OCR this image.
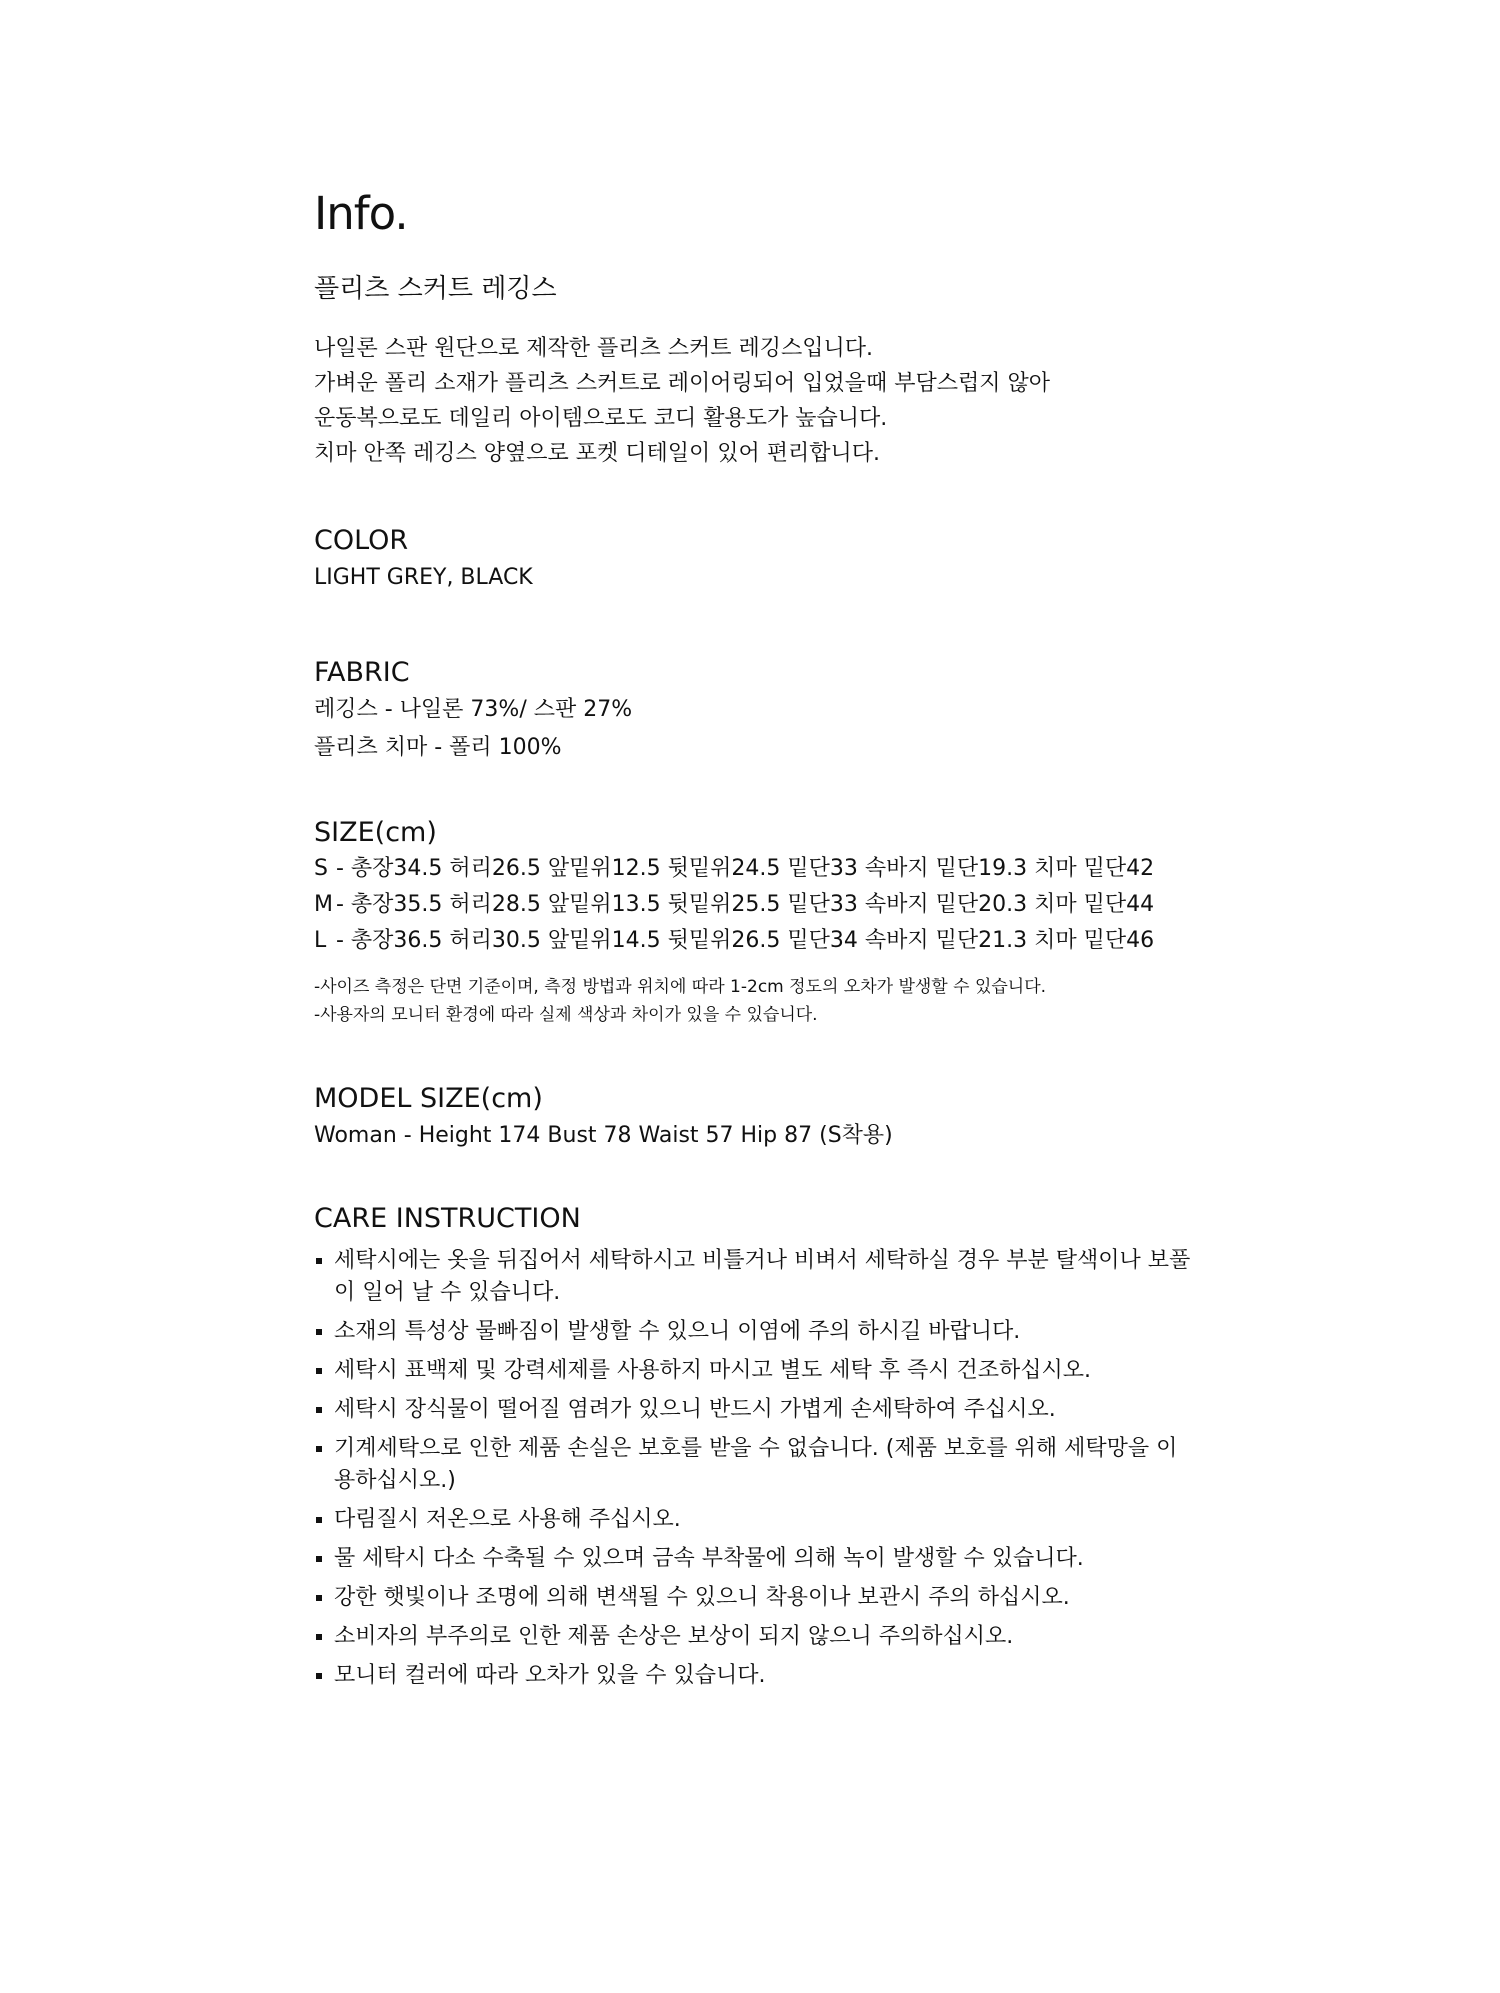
Info.
플리츠 스커트 레깅스
나일론 스판 원단으로 제작한 플리츠 스커트 레깅스입니다.
가벼운 폴리 소재가 플리츠 스커트로 레이어링되어 입었을때 부담스럽지 않아
운동복으로도 데일리 아이템으로도 코디 활용도가 높습니다.
치마 안쪽 레깅스 양옆으로 포켓 디테일이 있어 편리합니다.
COLOR
LIGHT GREY, BLACK
FABRIC
레깅스 - 나일론 73%/ 스판 27%
플리츠 치마 - 폴리 100%
SIZE(cm)
S - 총장34.5 허리26.5 앞밑위12.5 뒷밑위24.5 밑단33 속바지 밑단19.3 치마 밑단42
M - 총장35.5 허리28.5 앞밑위13.5 뒷밑위25.5 밑단33 속바지 밑단20.3 치마 밑단44
L - 총장36.5 허리30.5 앞밑위14.5 뒷밑위26.5 밑단34 속바지 밑단21.3 치마 밑단46
-사이즈 측정은 단면 기준이며, 측정 방법과 위치에 따라 1-2cm 정도의 오차가 발생할 수 있습니다.
-사용자의 모니터 환경에 따라 실제 색상과 차이가 있을 수 있습니다.
MODEL SIZE(cm)
Woman - Height 174 Bust 78 Waist 57 Hip 87 (S착용)
CARE INSTRUCTION
세탁시에는 옷을 뒤집어서 세탁하시고 비틀거나 비벼서 세탁하실 경우 부분 탈색이나 보풀이 일어 날 수 있습니다.
소재의 특성상 물빠짐이 발생할 수 있으니 이염에 주의 하시길 바랍니다.
세탁시 표백제 및 강력세제를 사용하지 마시고 별도 세탁 후 즉시 건조하십시오.
세탁시 장식물이 떨어질 염려가 있으니 반드시 가볍게 손세탁하여 주십시오.
기계세탁으로 인한 제품 손실은 보호를 받을 수 없습니다. (제품 보호를 위해 세탁망을 이용하십시오.)
다림질시 저온으로 사용해 주십시오.
물 세탁시 다소 수축될 수 있으며 금속 부착물에 의해 녹이 발생할 수 있습니다.
강한 햇빛이나 조명에 의해 변색될 수 있으니 착용이나 보관시 주의 하십시오.
소비자의 부주의로 인한 제품 손상은 보상이 되지 않으니 주의하십시오.
모니터 컬러에 따라 오차가 있을 수 있습니다.
